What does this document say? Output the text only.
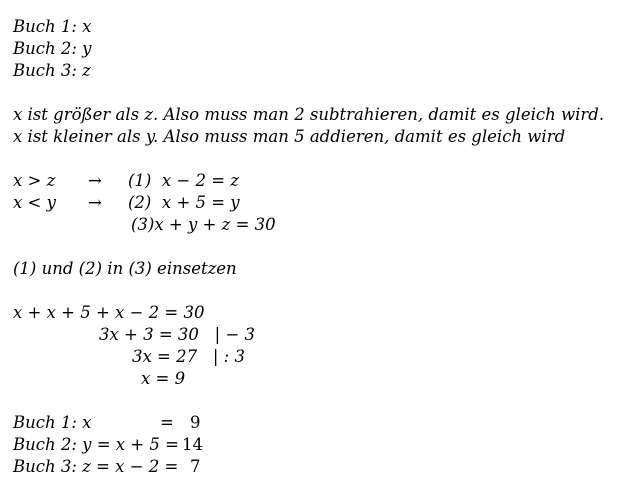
Buch 1: x
Buch 2: y
Buch 3: z
x ist größer als z. Also muss man 2 subtrahieren, damit es gleich wird.
x ist kleiner als y. Also muss man 5 addieren, damit es gleich wird
x > z → (1)  x − 2 = z
x < y → (2)  x + 5 = y
(3)x + y + z = 30
(1) und (2) in (3) einsetzen
x + x + 5 + x − 2 = 30
3x + 3 = 30   | − 3
3x = 27   | : 3
x = 9
Buch 1: x	= 9
Buch 2: y = x + 5 = 14
Buch 3: z = x − 2 = 7
